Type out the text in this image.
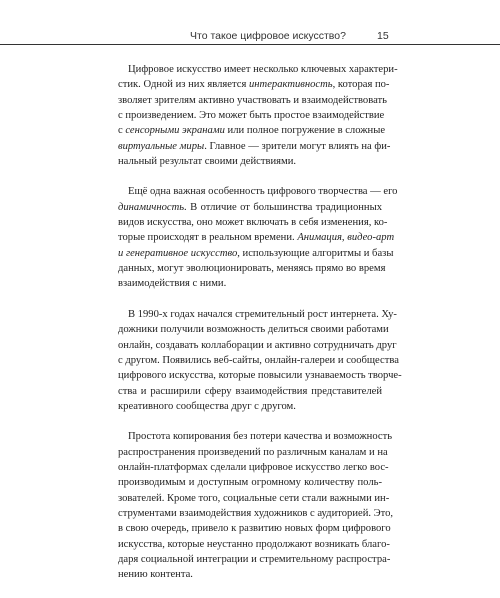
Что такое цифровое искусство?	15
Цифровое искусство имеет несколько ключевых характери-
стик. Одной из них является интерактивность, которая по-
зволяет зрителям активно участвовать и взаимодействовать
с произведением. Это может быть простое взаимодействие
с сенсорными экранами или полное погружение в сложные
виртуальные миры. Главное — зрители могут влиять на фи-
нальный результат своими действиями.
Ещё одна важная особенность цифрового творчества — его
динамичность. В отличие от большинства традиционных
видов искусства, оно может включать в себя изменения, ко-
торые происходят в реальном времени. Анимация, видео-арт
и генеративное искусство, использующие алгоритмы и базы
данных, могут эволюционировать, меняясь прямо во время
взаимодействия с ними.
В 1990-х годах начался стремительный рост интернета. Ху-
дожники получили возможность делиться своими работами
онлайн, создавать коллаборации и активно сотрудничать друг
с другом. Появились веб-сайты, онлайн-галереи и сообщества
цифрового искусства, которые повысили узнаваемость творче-
ства и расширили сферу взаимодействия представителей
креативного сообщества друг с другом.
Простота копирования без потери качества и возможность
распространения произведений по различным каналам и на
онлайн-платформах сделали цифровое искусство легко вос-
производимым и доступным огромному количеству поль-
зователей. Кроме того, социальные сети стали важными ин-
струментами взаимодействия художников с аудиторией. Это,
в свою очередь, привело к развитию новых форм цифрового
искусства, которые неустанно продолжают возникать благо-
даря социальной интеграции и стремительному распростра-
нению контента.
